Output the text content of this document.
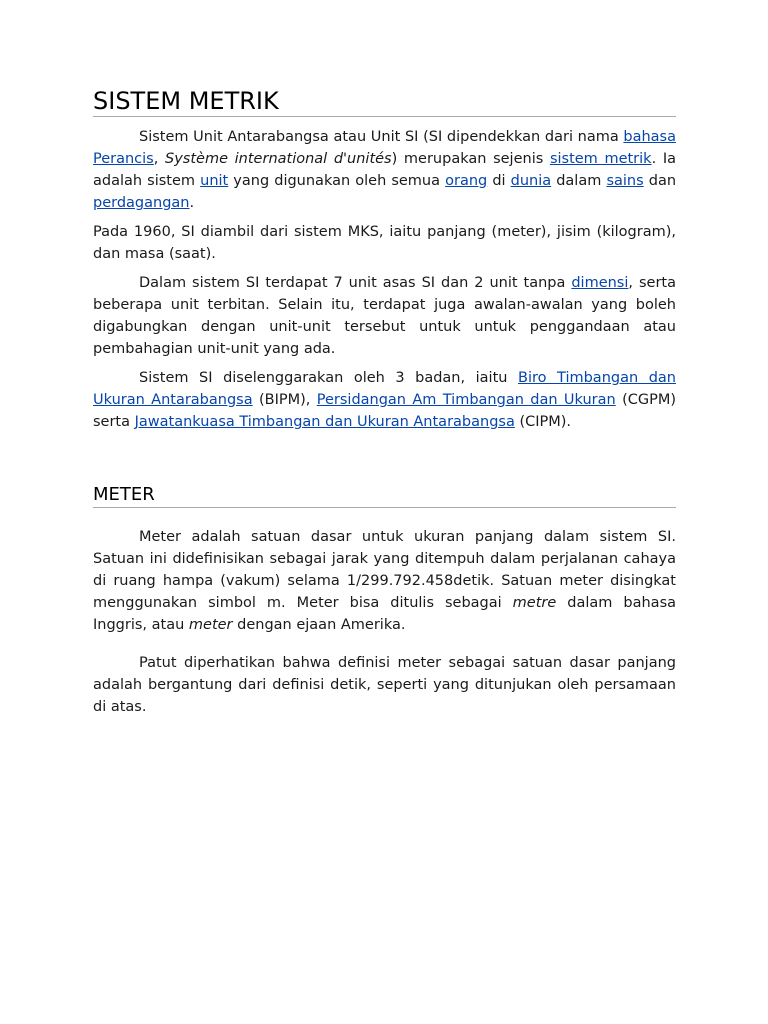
SISTEM METRIK

Sistem Unit Antarabangsa atau Unit SI (SI dipendekkan dari nama bahasa Perancis, Système international d'unités) merupakan sejenis sistem metrik. Ia adalah sistem unit yang digunakan oleh semua orang di dunia dalam sains dan perdagangan.

Pada 1960, SI diambil dari sistem MKS, iaitu panjang (meter), jisim (kilogram), dan masa (saat).

Dalam sistem SI terdapat 7 unit asas SI dan 2 unit tanpa dimensi, serta beberapa unit terbitan. Selain itu, terdapat juga awalan-awalan yang boleh digabungkan dengan unit-unit tersebut untuk untuk penggandaan atau pembahagian unit-unit yang ada.

Sistem SI diselenggarakan oleh 3 badan, iaitu Biro Timbangan dan Ukuran Antarabangsa (BIPM), Persidangan Am Timbangan dan Ukuran (CGPM) serta Jawatankuasa Timbangan dan Ukuran Antarabangsa (CIPM).

METER

Meter adalah satuan dasar untuk ukuran panjang dalam sistem SI. Satuan ini didefinisikan sebagai jarak yang ditempuh dalam perjalanan cahaya di ruang hampa (vakum) selama 1/299.792.458detik. Satuan meter disingkat menggunakan simbol m. Meter bisa ditulis sebagai metre dalam bahasa Inggris, atau meter dengan ejaan Amerika.

Patut diperhatikan bahwa definisi meter sebagai satuan dasar panjang adalah bergantung dari definisi detik, seperti yang ditunjukan oleh persamaan di atas.
